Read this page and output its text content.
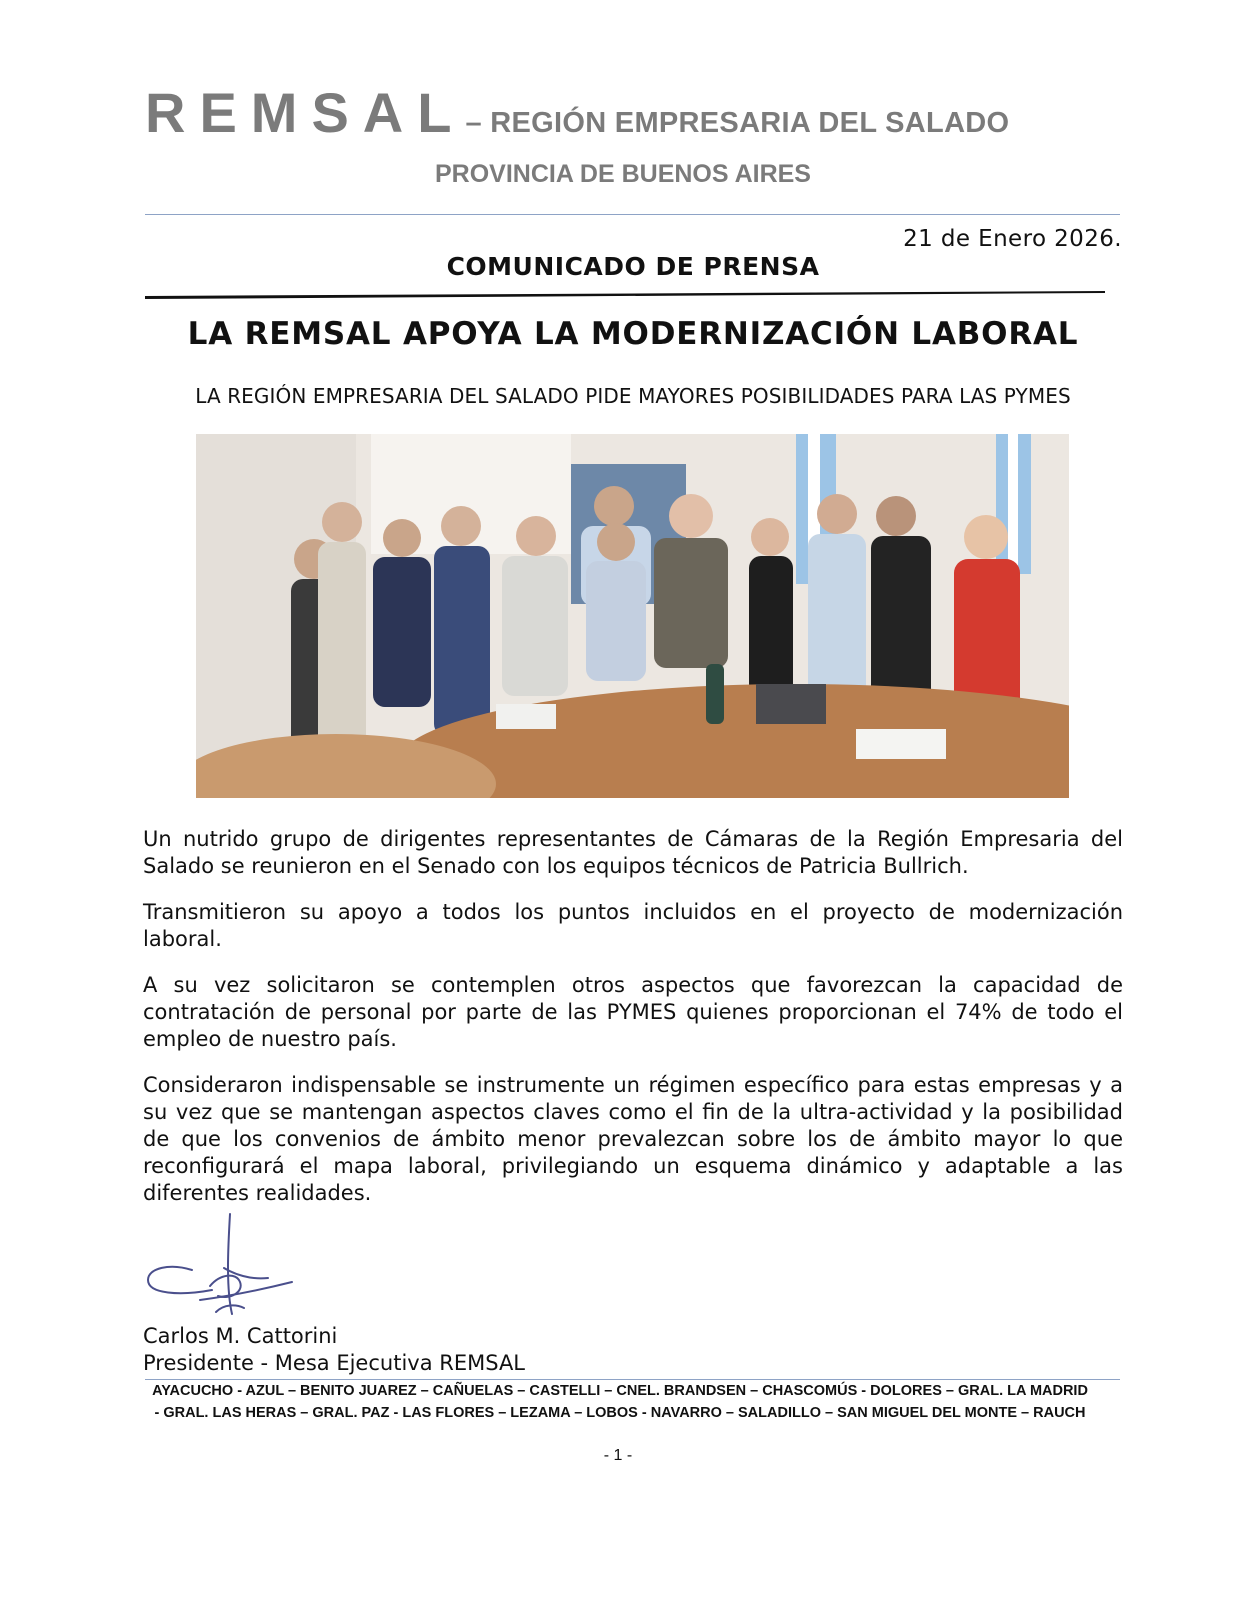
REMSAL– REGIÓN EMPRESARIA DEL SALADO
PROVINCIA DE BUENOS AIRES
21 de Enero 2026.
COMUNICADO DE PRENSA
LA REMSAL APOYA LA MODERNIZACIÓN LABORAL
LA REGIÓN EMPRESARIA DEL SALADO PIDE MAYORES POSIBILIDADES PARA LAS PYMES

Un nutrido grupo de dirigentes representantes de Cámaras de la Región Empresaria del Salado se reunieron en el Senado con los equipos técnicos de Patricia Bullrich.

Transmitieron su apoyo a todos los puntos incluidos en el proyecto de modernización laboral.

A su vez solicitaron se contemplen otros aspectos que favorezcan la capacidad de contratación de personal por parte de las PYMES quienes proporcionan el 74% de todo el empleo de nuestro país.

Consideraron indispensable se instrumente un régimen específico para estas empresas y a su vez que se mantengan aspectos claves como el fin de la ultra-actividad y la posibilidad de que los convenios de ámbito menor prevalezcan sobre los de ámbito mayor lo que reconfigurará el mapa laboral, privilegiando un esquema dinámico y adaptable a las diferentes realidades.

Carlos M. Cattorini
Presidente - Mesa Ejecutiva REMSAL
AYACUCHO - AZUL – BENITO JUAREZ – CAÑUELAS – CASTELLI – CNEL. BRANDSEN – CHASCOMÚS - DOLORES – GRAL. LA MADRID - GRAL. LAS HERAS – GRAL. PAZ - LAS FLORES – LEZAMA – LOBOS - NAVARRO – SALADILLO – SAN MIGUEL DEL MONTE – RAUCH
- 1 -
